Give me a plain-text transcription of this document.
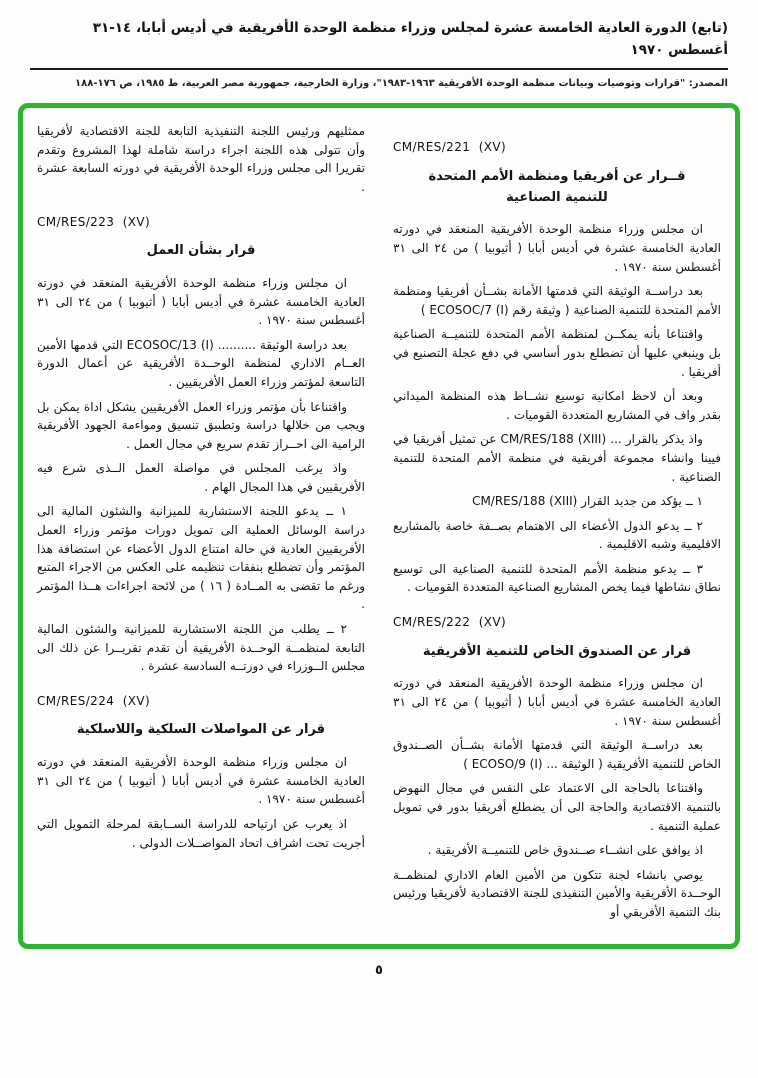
(تابع) الدورة العادية الخامسة عشرة لمجلس وزراء منظمة الوحدة الأفريقية في أديس أبابا، ١٤-٣١ أغسطس ١٩٧٠
المصدر: "قرارات وتوصيات وبيانات منظمة الوحدة الأفريقية ١٩٦٣-١٩٨٣"، وزارة الخارجية، جمهورية مصر العربية، ط ١٩٨٥، ص ١٧٦-١٨٨
CM/RES/221  (XV)
قــرار عن أفريقيا ومنظمة الأمم المتحدة للتنمية الصناعية
ان مجلس وزراء منظمة الوحدة الأفريقية المنعقد في دورته العادية الخامسة عشرة في أديس أبابا ( أثيوبيا ) من ٢٤ الى ٣١ أغسطس سنة ١٩٧٠ .
بعد دراســة الوثيقة التي قدمتها الأمانة بشــأن أفريقيا ومنظمة الأمم المتحدة للتنمية الصناعية ( وثيقة رقم ECOSOC/7 (I) )
واقتناعا بأنه يمكــن لمنظمة الأمم المتحدة للتنميــة الصناعية بل وينبغي عليها أن تضطلع بدور أساسي في دفع عجلة التصنيع في أفريقيا .
وبعد أن لاحظ امكانية توسيع نشــاط هذه المنظمة الميداني بقدر واف في المشاريع المتعددة القوميات .
واذ يذكر بالقرار ... CM/RES/188 (XIII) عن تمثيل أفريقيا في فيينا وانشاء مجموعة أفريقية في منظمة الأمم المتحدة للتنمية الصناعية .
١ ــ يؤكد من جديد القرار CM/RES/188 (XIII)
٢ ــ يدعو الدول الأعضاء الى الاهتمام بصــفة خاصة بالمشاريع الاقليمية وشبه الاقليمية .
٣ ــ يدعو منظمة الأمم المتحدة للتنمية الصناعية الى توسيع نطاق نشاطها فيما يخص المشاريع الصناعية المتعددة القوميات .
CM/RES/222  (XV)
قرار عن الصندوق الخاص للتنمية الأفريقية
ان مجلس وزراء منظمة الوحدة الأفريقية المنعقد في دورته العادية الخامسة عشرة في أديس أبابا ( أثيوبيا ) من ٢٤ الى ٣١ أغسطس سنة ١٩٧٠ .
بعد دراســة الوثيقة التي قدمتها الأمانة بشــأن الصــندوق الخاص للتنمية الأفريقية ( الوثيقة ... ECOSO/9 (I) )
واقتناعا بالحاجة الى الاعتماد على النفس في مجال النهوض بالتنمية الاقتصادية والحاجة الى أن يضطلع أفريقيا بدور في تمويل عملية التنمية .
اذ يوافق على انشــاء صــندوق خاص للتنميــة الأفريقية .
يوصي بانشاء لجنة تتكون من الأمين العام الاداري لمنظمــة الوحــدة الأفريقية والأمين التنفيذى للجنة الاقتصادية لأفريقيا ورئيس بنك التنمية الأفريقي أو
ممثليهم ورئيس اللجنة التنفيذية التابعة للجنة الاقتصادية لأفريقيا وأن تتولى هذه اللجنة اجراء دراسة شاملة لهذا المشروع وتقدم تقريرا الى مجلس وزراء الوحدة الأفريقية في دورته السابعة عشرة .
CM/RES/223  (XV)
قرار بشأن العمل
ان مجلس وزراء منظمة الوحدة الأفريقية المنعقد في دورته العادية الخامسة عشرة في أديس أبابا ( أثيوبيا ) من ٢٤ الى ٣١ أغسطس سنة ١٩٧٠ .
بعد دراسة الوثيقة .......... ECOSOC/13 (I) التي قدمها الأمين العــام الاداري لمنظمة الوحــدة الأفريقية عن أعمال الدورة التاسعة لمؤتمر وزراء العمل الأفريقيين .
واقتناعا بأن مؤتمر وزراء العمل الأفريقيين يشكل اداة يمكن بل ويجب من خلالها دراسة وتطبيق تنسيق ومواءمة الجهود الأفريقية الرامية الى احــراز تقدم سريع في مجال العمل .
واذ يرغب المجلس في مواصلة العمل الــذى شرع فيه الأفريقيين في هذا المجال الهام .
١ ــ يدعو اللجنة الاستشارية للميزانية والشئون المالية الى دراسة الوسائل العملية الى تمويل دورات مؤتمر وزراء العمل الأفريقيين العادية في حالة امتناع الدول الأعضاء عن استضافة هذا المؤتمر وأن تضطلع بنفقات تنظيمه على العكس من الاجراء المتبع ورغم ما تقضى به المــادة ( ١٦ ) من لائحة اجراءات هــذا المؤتمر .
٢ ــ يطلب من اللجنة الاستشارية للميزانية والشئون المالية التابعة لمنظمــة الوحــدة الأفريقية أن تقدم تقريــرا عن ذلك الى مجلس الــوزراء في دورتــه السادسة عشرة .
CM/RES/224  (XV)
قرار عن المواصلات السلكية واللاسلكية
ان مجلس وزراء منظمة الوحدة الأفريقية المنعقد في دورته العادية الخامسة عشرة في أديس أبابا ( أثيوبيا ) من ٢٤ الى ٣١ أغسطس سنة ١٩٧٠ .
اذ يعرب عن ارتياحه للدراسة الســابقة لمرحلة التمويل التي أجريت تحت اشراف اتحاد المواصــلات الدولى .
٥
